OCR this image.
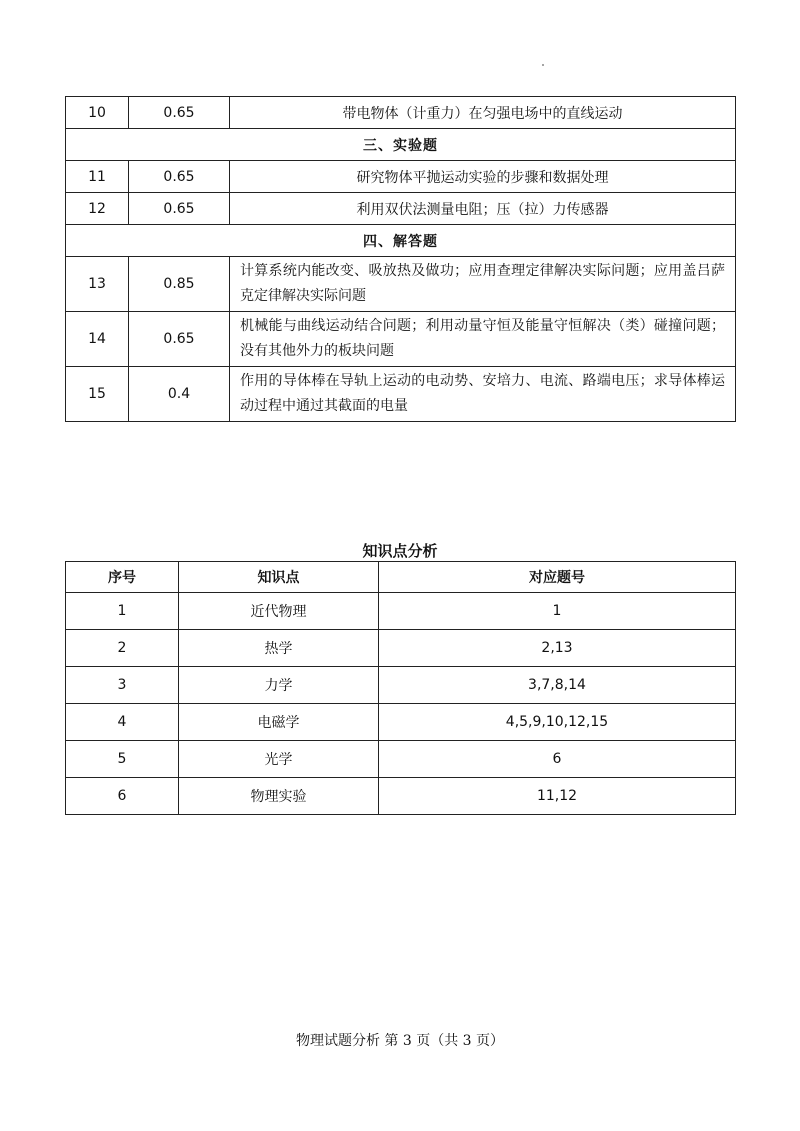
10	0.65	带电物体（计重力）在匀强电场中的直线运动
三、实验题		
11	0.65	研究物体平抛运动实验的步骤和数据处理
12	0.65	利用双伏法测量电阻；压（拉）力传感器
四、解答题		
13	0.85	计算系统内能改变、吸放热及做功；应用查理定律解决实际问题；应用盖吕萨克定律解决实际问题
14	0.65	机械能与曲线运动结合问题；利用动量守恒及能量守恒解决（类）碰撞问题；没有其他外力的板块问题
15	0.4	作用的导体棒在导轨上运动的电动势、安培力、电流、路端电压；求导体棒运动过程中通过其截面的电量
知识点分析
序号	知识点	对应题号
1	近代物理	1
2	热学	2,13
3	力学	3,7,8,14
4	电磁学	4,5,9,10,12,15
5	光学	6
6	物理实验	11,12
物理试题分析 第 3 页（共 3 页）
